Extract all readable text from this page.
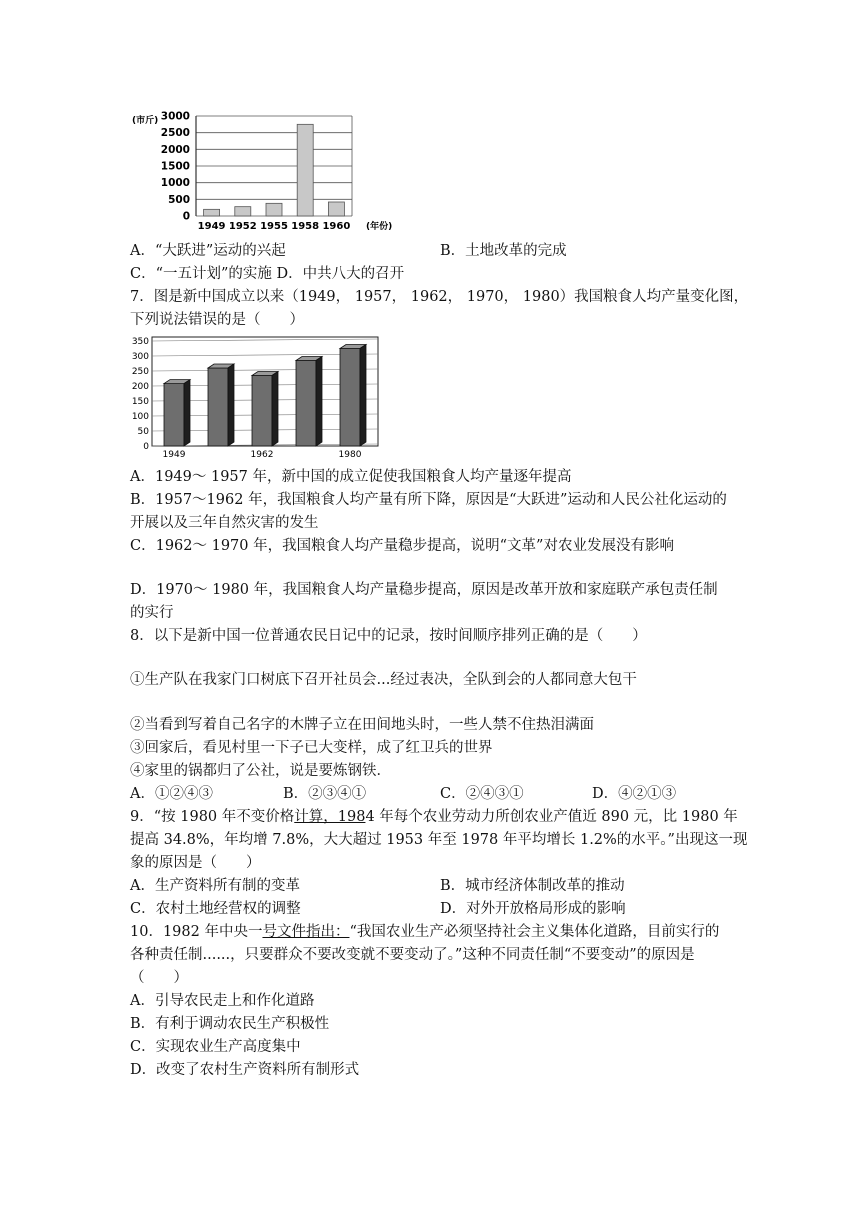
0
500
1000
1500
2000
2500
3000
1949 1952 1955 1958 1960
(市斤)
(年份)
A．“大跃进”运动的兴起	B．土地改革的完成
C．“一五计划”的实施 D．中共八大的召开
7．图是新中国成立以来（1949， 1957， 1962， 1970， 1980）我国粮食人均产量变化图，
下列说法错误的是（　　）
0
50
100
150
200
250
300
350
1949	1962	1980
A．1949～ 1957 年，新中国的成立促使我国粮食人均产量逐年提高
B．1957～1962 年，我国粮食人均产量有所下降，原因是“大跃进”运动和人民公社化运动的
开展以及三年自然灾害的发生
C．1962～ 1970 年，我国粮食人均产量稳步提高，说明“文革”对农业发展没有影响
D．1970～ 1980 年，我国粮食人均产量稳步提高，原因是改革开放和家庭联产承包责任制
的实行
8．以下是新中国一位普通农民日记中的记录，按时间顺序排列正确的是（　　）
①生产队在我家门口树底下召开社员会...经过表决，全队到会的人都同意大包干
②当看到写着自己名字的木牌子立在田间地头时，一些人禁不住热泪满面
③回家后，看见村里一下子已大变样，成了红卫兵的世界
④家里的锅都归了公社，说是要炼钢铁．
A．①②④③	B．②③④①	C．②④③①	D．④②①③
9．“按 1980 年不变价格计算，1984 年每个农业劳动力所创农业产值近 890 元，比 1980 年
提高 34.8%，年均增 7.8%，大大超过 1953 年至 1978 年平均增长 1.2%的水平。”出现这一现
象的原因是（　　）
A．生产资料所有制的变革	B．城市经济体制改革的推动
C．农村土地经营权的调整	D．对外开放格局形成的影响
10．1982 年中央一号文件指出：“我国农业生产必须坚持社会主义集体化道路，目前实行的
各种责任制......，只要群众不要改变就不要变动了。”这种不同责任制“不要变动”的原因是
（　　）
A．引导农民走上和作化道路
B．有利于调动农民生产积极性
C．实现农业生产高度集中
D．改变了农村生产资料所有制形式
